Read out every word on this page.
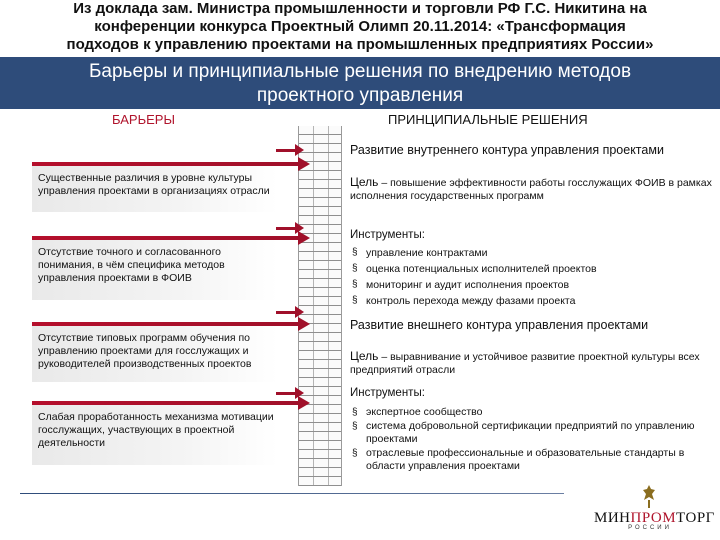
Из доклада зам. Министра промышленности и торговли РФ Г.С. Никитина на
конференции конкурса Проектный Олимп 20.11.2014: «Трансформация
подходов к управлению проектами на промышленных предприятиях России»
Барьеры и принципиальные решения по внедрению методов
проектного управления
БАРЬЕРЫ	ПРИНЦИПИАЛЬНЫЕ РЕШЕНИЯ
Существенные различия в уровне культуры управления проектами в организациях отрасли
Отсутствие точного и согласованного понимания, в чём специфика методов управления проектами в ФОИВ
Отсутствие типовых программ обучения по управлению проектами для госслужащих и руководителей производственных проектов
Слабая проработанность механизма мотивации госслужащих, участвующих в проектной деятельности
Развитие внутреннего контура управления проектами
Цель – повышение эффективности работы госслужащих ФОИВ в рамках исполнения государственных программ
Инструменты:
§ управление контрактами
§ оценка потенциальных исполнителей проектов
§ мониторинг и аудит исполнения проектов
§ контроль перехода между фазами проекта
Развитие внешнего контура управления проектами
Цель – выравнивание и устойчивое развитие проектной культуры всех предприятий отрасли
Инструменты:
§ экспертное сообщество
§ система добровольной сертификации предприятий по управлению проектами
§ отраслевые профессиональные и образовательные стандарты в области управления проектами
МИНПРОМТОРГ
РОССИИ
